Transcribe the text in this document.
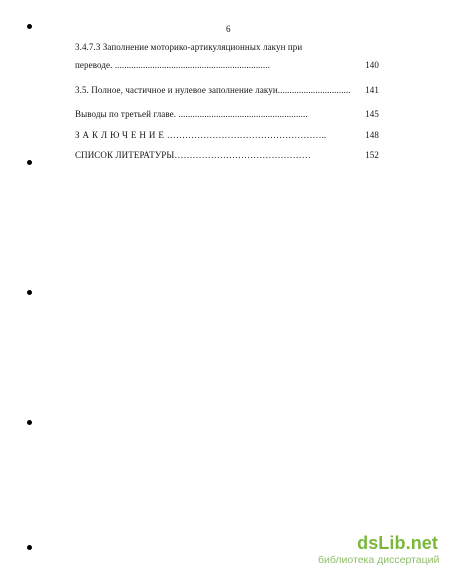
6
3.4.7.3 Заполнение моторико-артикуляционных лакун при
переводе. ..................................................................	140
3.5. Полное, частичное и нулевое заполнение лакун............................... 141
Выводы по третьей главе. .......................................................	145
ЗАКЛЮЧЕНИЕ……………………………………………..	148
СПИСОК ЛИТЕРАТУРЫ………………………………………	152
dsLib.net
библиотека диссертаций
